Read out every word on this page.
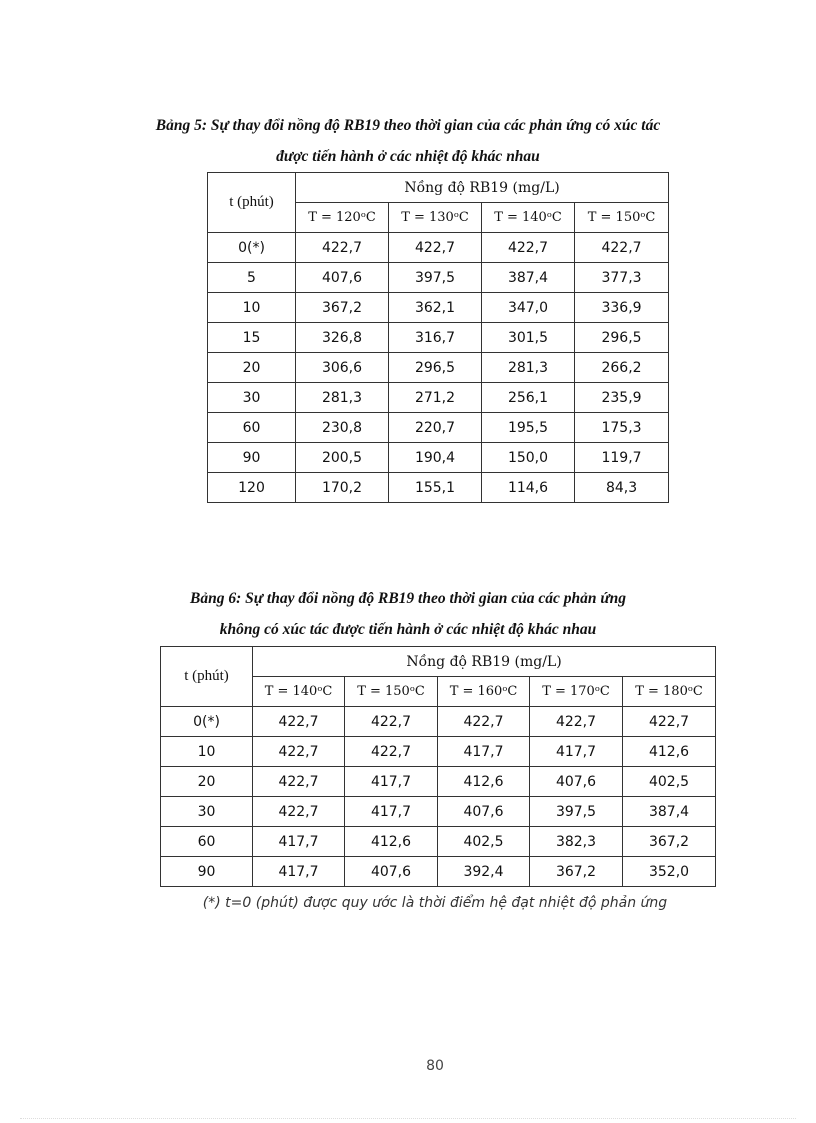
Bảng 5: Sự thay đổi nồng độ RB19 theo thời gian của các phản ứng có xúc tác
được tiến hành ở các nhiệt độ khác nhau
t (phút)	Nồng độ RB19 (mg/L)			
	T = 120ᵒC	T = 130ᵒC	T = 140ᵒC	T = 150ᵒC
0(*)	422,7	422,7	422,7	422,7
5	407,6	397,5	387,4	377,3
10	367,2	362,1	347,0	336,9
15	326,8	316,7	301,5	296,5
20	306,6	296,5	281,3	266,2
30	281,3	271,2	256,1	235,9
60	230,8	220,7	195,5	175,3
90	200,5	190,4	150,0	119,7
120	170,2	155,1	114,6	84,3
Bảng 6: Sự thay đổi nồng độ RB19 theo thời gian của các phản ứng
không có xúc tác được tiến hành ở các nhiệt độ khác nhau
t (phút)	Nồng độ RB19 (mg/L)				
	T = 140ᵒC	T = 150ᵒC	T = 160ᵒC	T = 170ᵒC	T = 180ᵒC
0(*)	422,7	422,7	422,7	422,7	422,7
10	422,7	422,7	417,7	417,7	412,6
20	422,7	417,7	412,6	407,6	402,5
30	422,7	417,7	407,6	397,5	387,4
60	417,7	412,6	402,5	382,3	367,2
90	417,7	407,6	392,4	367,2	352,0
(*) t=0 (phút) được quy ước là thời điểm hệ đạt nhiệt độ phản ứng
80
